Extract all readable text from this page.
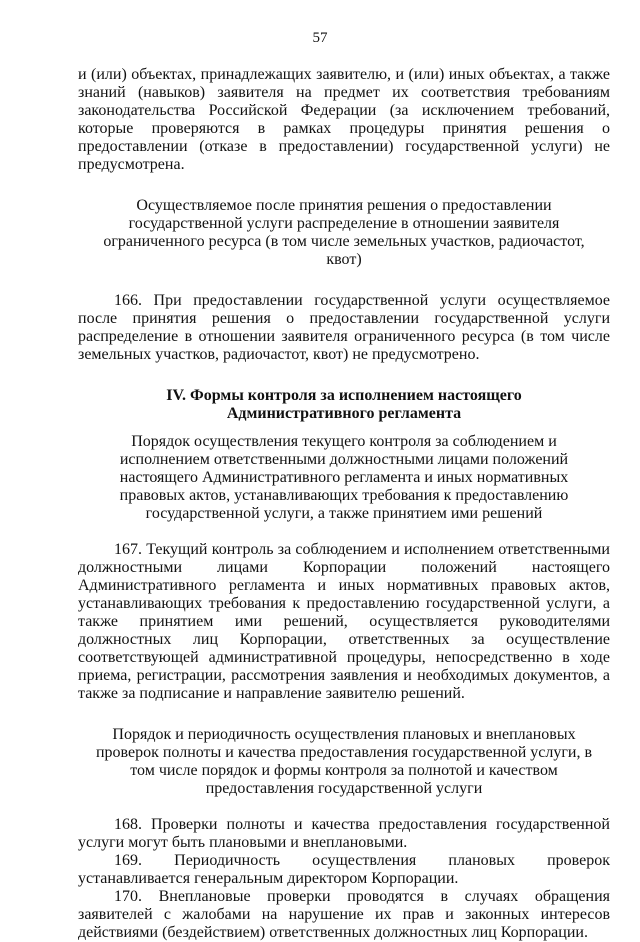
57

и (или) объектах, принадлежащих заявителю, и (или) иных объектах, а также знаний (навыков) заявителя на предмет их соответствия требованиям законодательства Российской Федерации (за исключением требований, которые проверяются в рамках процедуры принятия решения о предоставлении (отказе в предоставлении) государственной услуги) не предусмотрена.

Осуществляемое после принятия решения о предоставлении государственной услуги распределение в отношении заявителя ограниченного ресурса (в том числе земельных участков, радиочастот, квот)

166. При предоставлении государственной услуги осуществляемое после принятия решения о предоставлении государственной услуги распределение в отношении заявителя ограниченного ресурса (в том числе земельных участков, радиочастот, квот) не предусмотрено.

IV. Формы контроля за исполнением настоящего Административного регламента

Порядок осуществления текущего контроля за соблюдением и исполнением ответственными должностными лицами положений настоящего Административного регламента и иных нормативных правовых актов, устанавливающих требования к предоставлению государственной услуги, а также принятием ими решений

167. Текущий контроль за соблюдением и исполнением ответственными должностными лицами Корпорации положений настоящего Административного регламента и иных нормативных правовых актов, устанавливающих требования к предоставлению государственной услуги, а также принятием ими решений, осуществляется руководителями должностных лиц Корпорации, ответственных за осуществление соответствующей административной процедуры, непосредственно в ходе приема, регистрации, рассмотрения заявления и необходимых документов, а также за подписание и направление заявителю решений.

Порядок и периодичность осуществления плановых и внеплановых проверок полноты и качества предоставления государственной услуги, в том числе порядок и формы контроля за полнотой и качеством предоставления государственной услуги

168. Проверки полноты и качества предоставления государственной услуги могут быть плановыми и внеплановыми.

169. Периодичность осуществления плановых проверок устанавливается генеральным директором Корпорации.

170. Внеплановые проверки проводятся в случаях обращения заявителей с жалобами на нарушение их прав и законных интересов действиями (бездействием) ответственных должностных лиц Корпорации.
